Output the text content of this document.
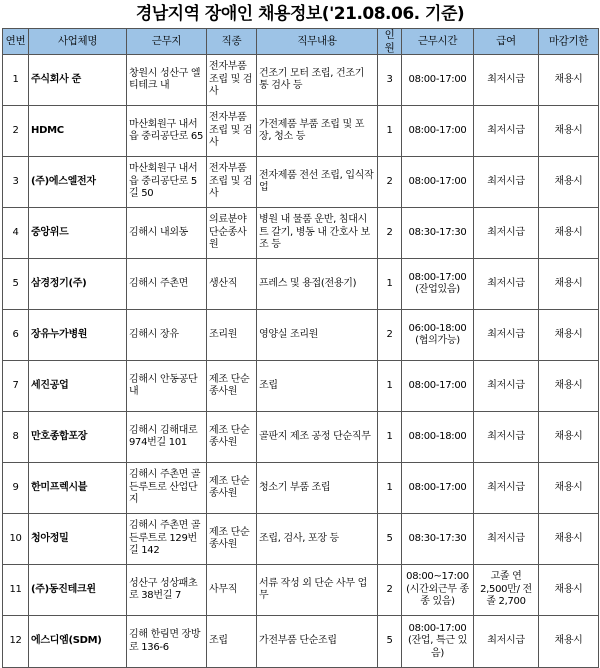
경남지역 장애인 채용정보('21.08.06. 기준)
연번	사업체명	근무지	직종	직무내용	인원	근무시간	급여	마감기한
1	주식회사 준	창원시 성산구 엘티테크 내	전자부품 조립 및 검사	건조기 모터 조립, 건조기 통 검사 등	3	08:00-17:00	최저시급	채용시
2	HDMC	마산회원구 내서읍 중리공단로 65	전자부품 조립 및 검사	가전제품 부품 조립 및 포장, 청소 등	1	08:00-17:00	최저시급	채용시
3	(주)에스엘전자	마산회원구 내서읍 중리공단로 5길 50	전자부품 조립 및 검사	전자제품 전선 조립, 입식작업	2	08:00-17:00	최저시급	채용시
4	중앙위드	김해시 내외동	의료분야 단순종사원	병원 내 물품 운반, 침대시트 갈기, 병동 내 간호사 보조 등	2	08:30-17:30	최저시급	채용시
5	삼경정기(주)	김해시 주촌면	생산직	프레스 및 용접(전용기)	1	08:00-17:00 (잔업있음)	최저시급	채용시
6	장유누가병원	김해시 장유	조리원	영양실 조리원	2	06:00-18:00 (협의가능)	최저시급	채용시
7	세진공업	김해시 안동공단 내	제조 단순 종사원	조립	1	08:00-17:00	최저시급	채용시
8	만호종합포장	김해시 김해대로 974번길 101	제조 단순 종사원	골판지 제조 공정 단순직무	1	08:00-18:00	최저시급	채용시
9	한미프렉시블	김해시 주촌면 골든루트로 산업단지	제조 단순 종사원	청소기 부품 조립	1	08:00-17:00	최저시급	채용시
10	청아정밀	김해시 주촌면 골든루트로 129번길 142	제조 단순 종사원	조립, 검사, 포장 등	5	08:30-17:30	최저시급	채용시
11	(주)동진테크윈	성산구 성상패초로 38번길 7	사무직	서류 작성 외 단순 사무 업무	2	08:00~17:00 (시간외근무 종종 있음)	고졸 연 2,500만/ 전졸 2,700	채용시
12	에스디엠(SDM)	김해 한림면 장방로 136-6	조립	가전부품 단순조립	5	08:00-17:00 (잔업, 특근 있음)	최저시급	채용시
